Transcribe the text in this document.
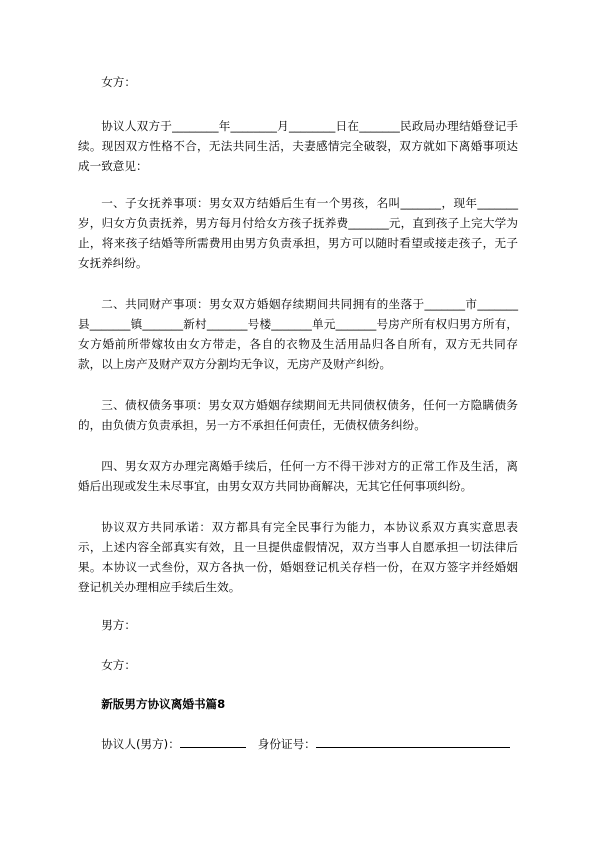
女方：

协议人双方于________年________月________日在_______民政局办理结婚登记手续。现因双方性格不合，无法共同生活，夫妻感情完全破裂，双方就如下离婚事项达成一致意见：

一、子女抚养事项：男女双方结婚后生有一个男孩，名叫_______，现年_______岁，归女方负责抚养，男方每月付给女方孩子抚养费_______元，直到孩子上完大学为止，将来孩子结婚等所需费用由男方负责承担，男方可以随时看望或接走孩子，无子女抚养纠纷。

二、共同财产事项：男女双方婚姻存续期间共同拥有的坐落于_______市_______县_______镇_______新村_______号楼_______单元_______号房产所有权归男方所有，女方婚前所带嫁妆由女方带走，各自的衣物及生活用品归各自所有，双方无共同存款，以上房产及财产双方分割均无争议，无房产及财产纠纷。

三、债权债务事项：男女双方婚姻存续期间无共同债权债务，任何一方隐瞒债务的，由负债方负责承担，另一方不承担任何责任，无债权债务纠纷。

四、男女双方办理完离婚手续后，任何一方不得干涉对方的正常工作及生活，离婚后出现或发生未尽事宜，由男女双方共同协商解决，无其它任何事项纠纷。

协议双方共同承诺：双方都具有完全民事行为能力，本协议系双方真实意思表示，上述内容全部真实有效，且一旦提供虚假情况，双方当事人自愿承担一切法律后果。本协议一式叁份，双方各执一份，婚姻登记机关存档一份，在双方签字并经婚姻登记机关办理相应手续后生效。

男方：

女方：

新版男方协议离婚书篇8

协议人(男方)：	身份证号：
